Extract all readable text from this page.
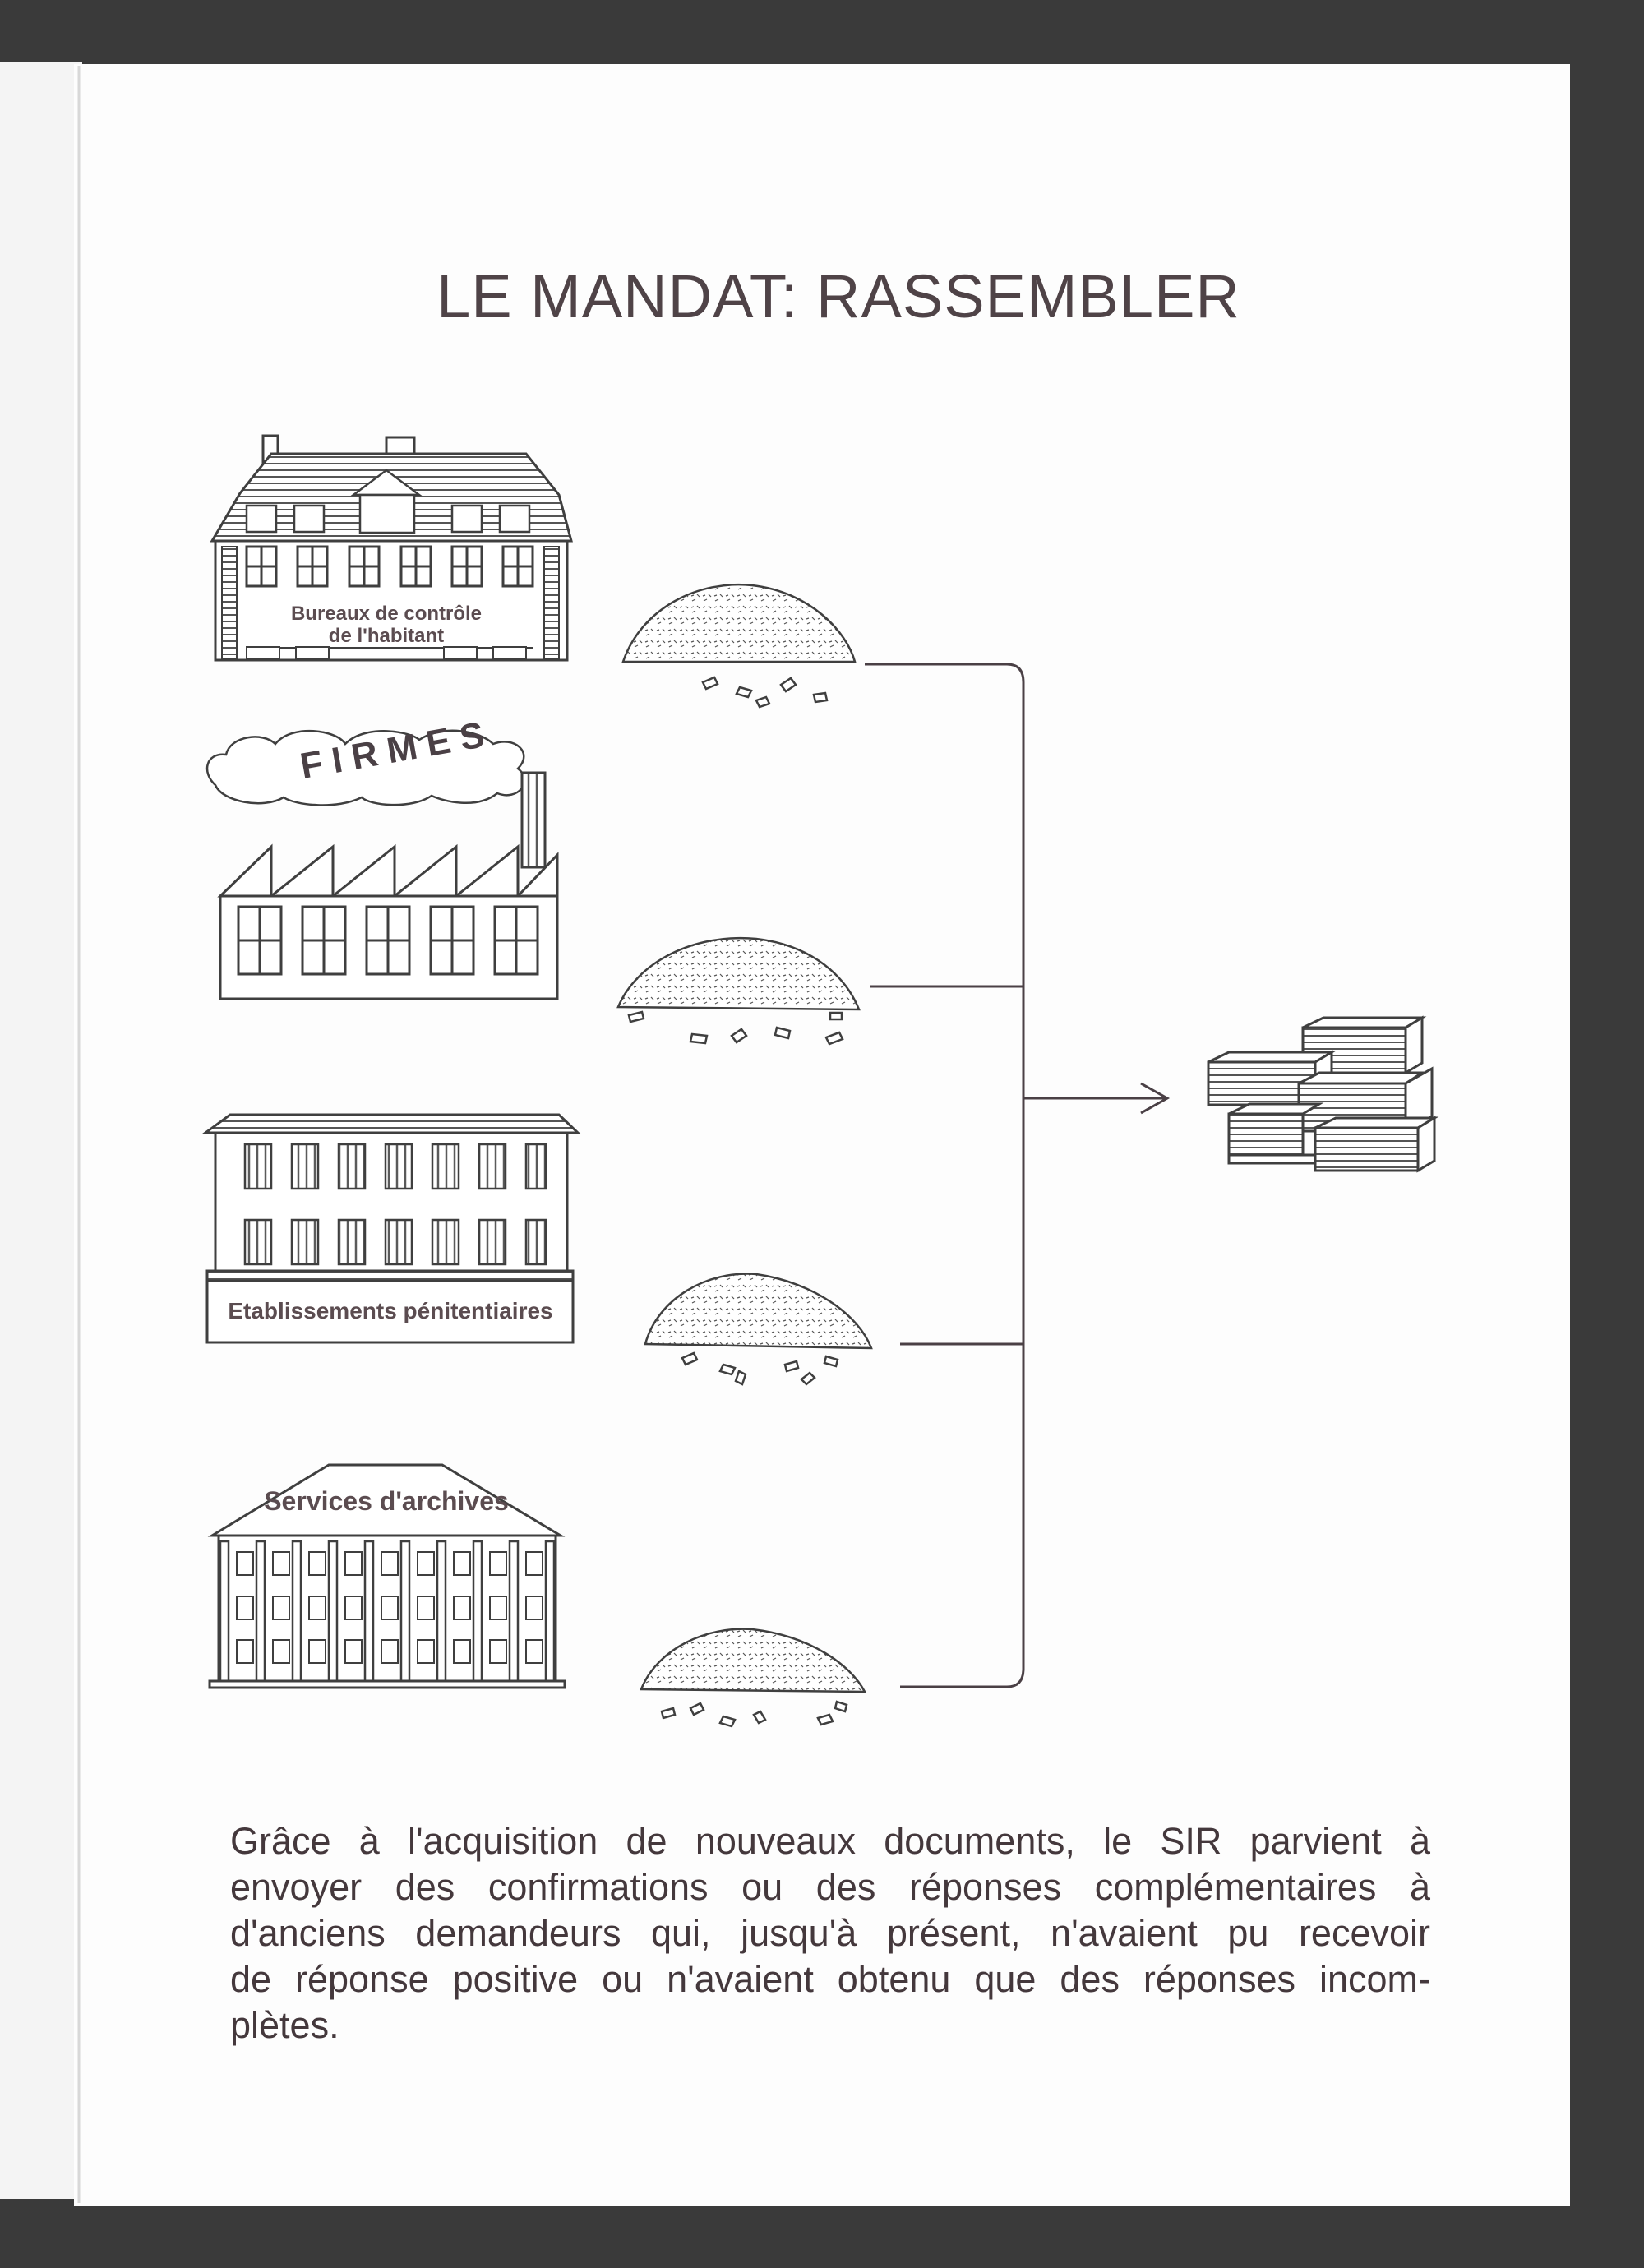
LE MANDAT: RASSEMBLER
Bureaux de contrôle
de l'habitant
FIRMES
Etablissements pénitentiaires
Services d'archives

Grâce à l'acquisition de nouveaux documents, le SIR parvient à
envoyer des confirmations ou des réponses complémentaires à
d'anciens demandeurs qui, jusqu'à présent, n'avaient pu recevoir
de réponse positive ou n'avaient obtenu que des réponses incom-
plètes.
